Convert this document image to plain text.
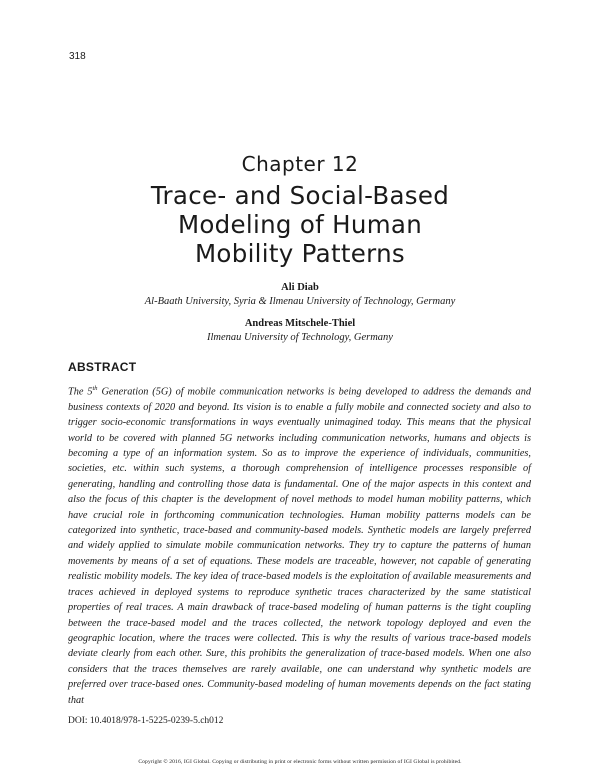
318
Chapter 12
Trace- and Social-Based
Modeling of Human
Mobility Patterns
Ali Diab
Al-Baath University, Syria & Ilmenau University of Technology, Germany
Andreas Mitschele-Thiel
Ilmenau University of Technology, Germany
ABSTRACT

The 5th Generation (5G) of mobile communication networks is being developed to address the demands and business contexts of 2020 and beyond. Its vision is to enable a fully mobile and connected society and also to trigger socio-economic transformations in ways eventually unimagined today. This means that the physical world to be covered with planned 5G networks including communication networks, humans and objects is becoming a type of an information system. So as to improve the experience of individuals, communities, societies, etc. within such systems, a thorough comprehension of intelligence processes responsible of generating, handling and controlling those data is fundamental. One of the major aspects in this context and also the focus of this chapter is the development of novel methods to model human mobility patterns, which have crucial role in forthcoming communication technologies. Human mobility patterns models can be categorized into synthetic, trace-based and community-based models. Synthetic models are largely preferred and widely applied to simulate mobile communication networks. They try to capture the patterns of human movements by means of a set of equations. These models are traceable, however, not capable of generating realistic mobility models. The key idea of trace-based models is the exploitation of available measurements and traces achieved in deployed systems to reproduce synthetic traces characterized by the same statistical properties of real traces. A main drawback of trace-based modeling of human patterns is the tight coupling between the trace-based model and the traces collected, the network topology deployed and even the geographic location, where the traces were collected. This is why the results of various trace-based models deviate clearly from each other. Sure, this prohibits the generalization of trace-based models. When one also considers that the traces themselves are rarely available, one can understand why synthetic models are preferred over trace-based ones. Community-based modeling of human movements depends on the fact stating that

DOI: 10.4018/978-1-5225-0239-5.ch012
Copyright © 2016, IGI Global. Copying or distributing in print or electronic forms without written permission of IGI Global is prohibited.
